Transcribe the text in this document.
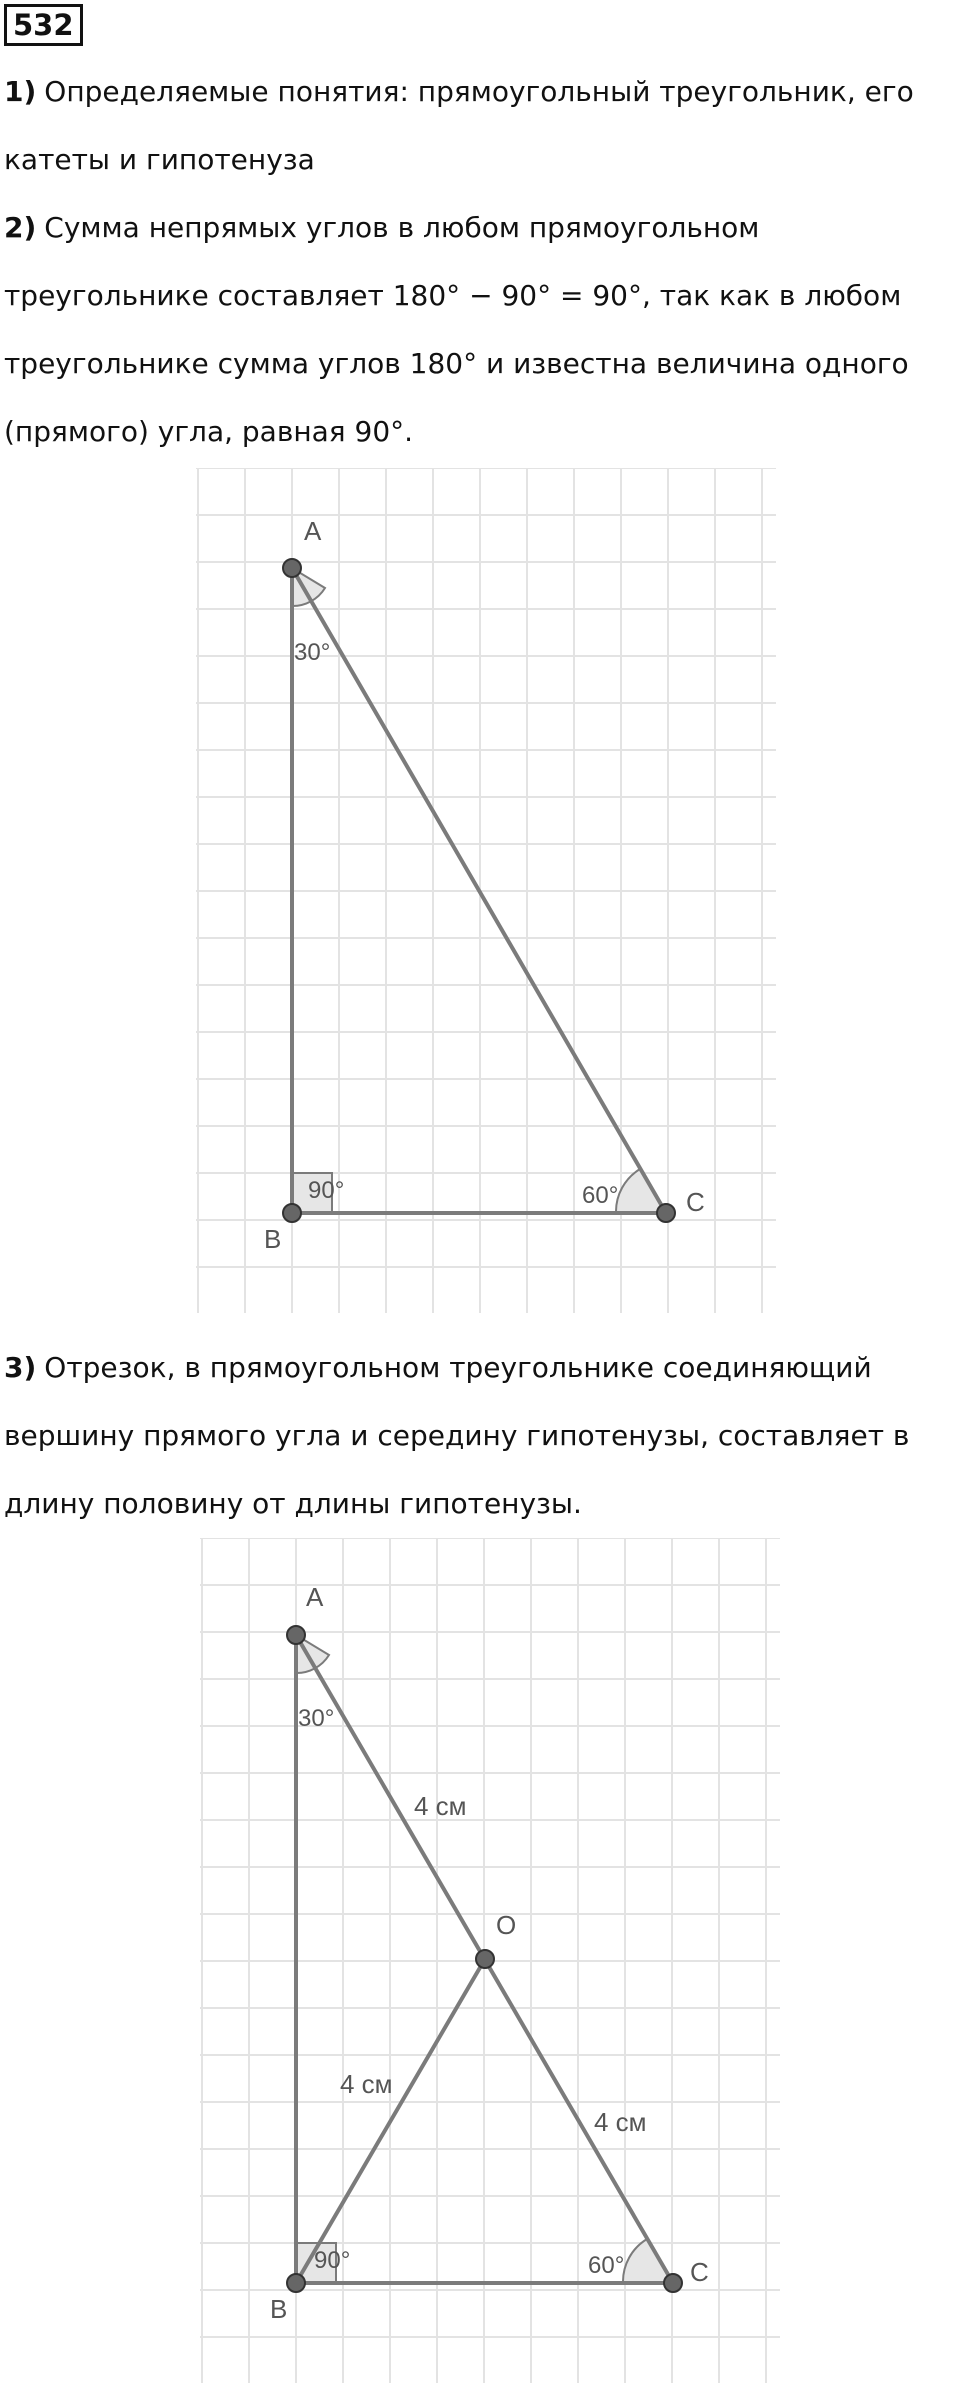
532

1) Определяемые понятия: прямоугольный треугольник, его катеты и гипотенуза

2) Сумма непрямых углов в любом прямоугольном треугольнике составляет 180° − 90° = 90°, так как в любом треугольнике сумма углов 180° и известна величина одного (прямого) угла, равная 90°.

A
B
C
30°
90°	60°

3) Отрезок, в прямоугольном треугольнике соединяющий вершину прямого угла и середину гипотенузы, составляет в длину половину от длины гипотенузы.

A
B
C
O
30°
90°	60°
4 см
4 см
4 см
